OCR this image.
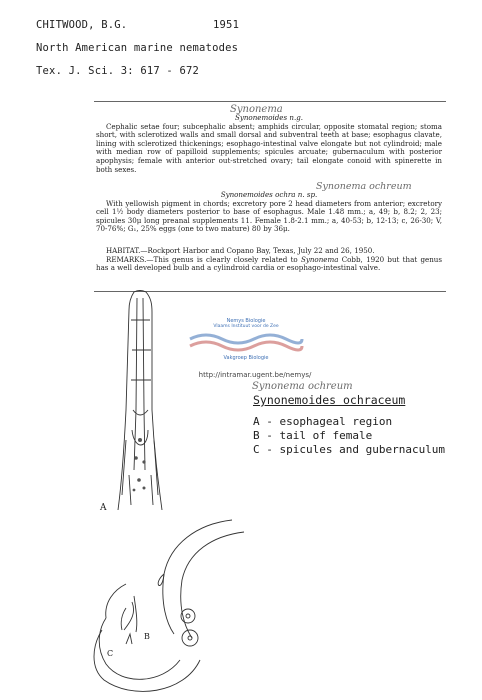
CHITWOOD, B.G.	1951
North American marine nematodes
Tex. J. Sci. 3: 617 - 672
Synonema

Synonemoides n.g.

Cephalic setae four; subcephalic absent; amphids circular, opposite stomatal region; stoma short, with sclerotized walls and small dorsal and subventral teeth at base; esophagus clavate, lining with sclerotized thickenings; esophago-intestinal valve elongate but not cylindroid; male with median row of papilloid supplements; spicules arcuate; gubernaculum with posterior apophysis; female with anterior out-stretched ovary; tail elongate conoid with spinerette in both sexes.

Synonema ochreum

Synonemoides ochra n. sp.

With yellowish pigment in chords; excretory pore 2 head diameters from anterior; excretory cell 1½ body diameters posterior to base of esophagus. Male 1.48 mm.; a, 49; b, 8.2; 2, 23; spicules 30μ long preanal supplements 11. Female 1.8-2.1 mm.; a, 40-53; b, 12-13; c, 26-30; V, 70-76%; G₁, 25% eggs (one to two mature) 80 by 36μ.

HABITAT.—Rockport Harbor and Copano Bay, Texas, July 22 and 26, 1950.

REMARKS.—This genus is clearly closely related to Synonema Cobb, 1920 but that genus has a well developed bulb and a cylindroid cardia or esophago-intestinal valve.

Nemys Biologie
Vlaams Instituut voor de Zee
Vakgroep Biologie
http://intramar.ugent.be/nemys/
Synonema ochreum
Synonemoides ochraceum
A - esophageal region
B - tail of female
C - spicules and gubernaculum
A
B
C
